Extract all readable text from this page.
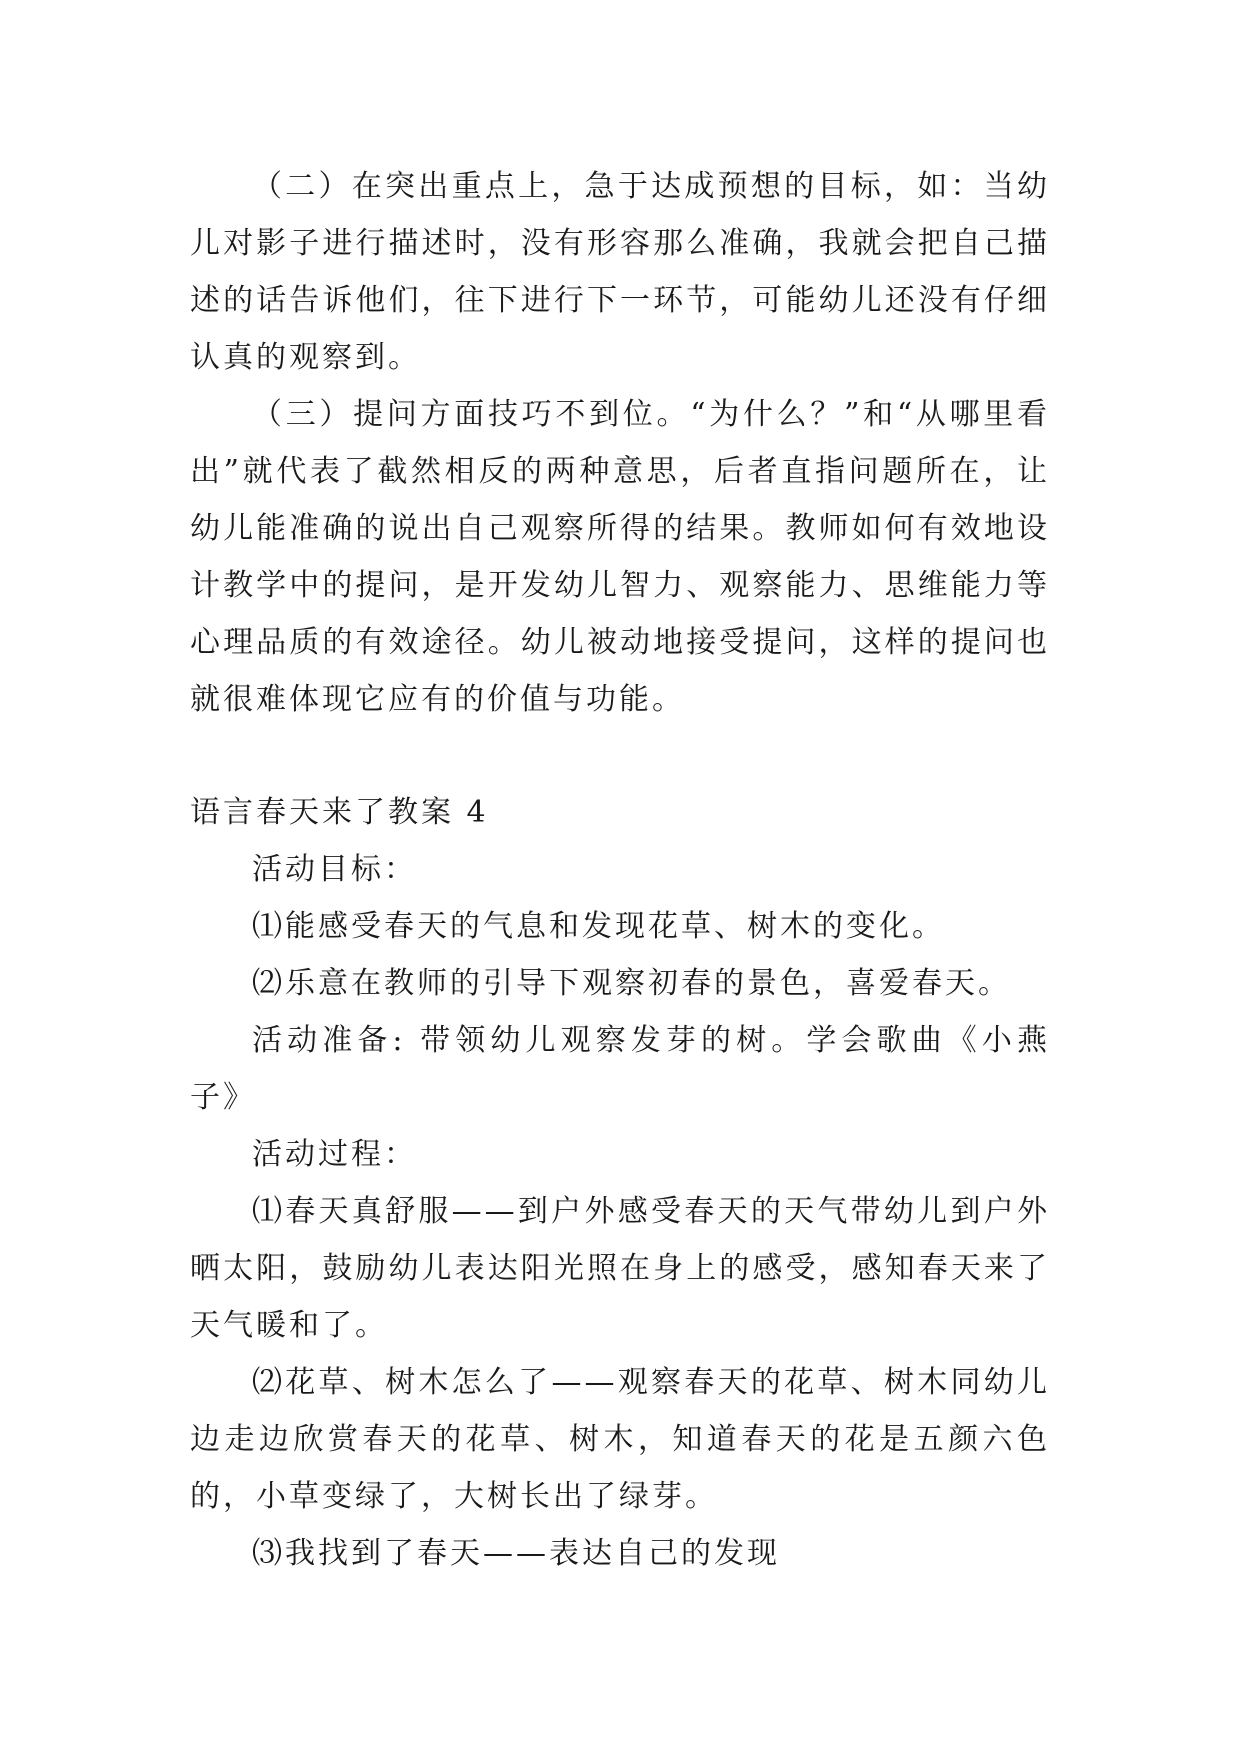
（二）在突出重点上，急于达成预想的目标，如：当幼儿对影子进行描述时，没有形容那么准确，我就会把自己描述的话告诉他们，往下进行下一环节，可能幼儿还没有仔细认真的观察到。

（三）提问方面技巧不到位。“为什么？”和“从哪里看出”就代表了截然相反的两种意思，后者直指问题所在，让幼儿能准确的说出自己观察所得的结果。教师如何有效地设计教学中的提问，是开发幼儿智力、观察能力、思维能力等心理品质的有效途径。幼儿被动地接受提问，这样的提问也就很难体现它应有的价值与功能。

语言春天来了教案 4

活动目标：

⑴能感受春天的气息和发现花草、树木的变化。

⑵乐意在教师的引导下观察初春的景色，喜爱春天。

活动准备: 带领幼儿观察发芽的树。学会歌曲《小燕子》

活动过程：

⑴春天真舒服——到户外感受春天的天气带幼儿到户外晒太阳，鼓励幼儿表达阳光照在身上的感受，感知春天来了天气暖和了。

⑵花草、树木怎么了——观察春天的花草、树木同幼儿边走边欣赏春天的花草、树木，知道春天的花是五颜六色的，小草变绿了，大树长出了绿芽。

⑶我找到了春天——表达自己的发现
